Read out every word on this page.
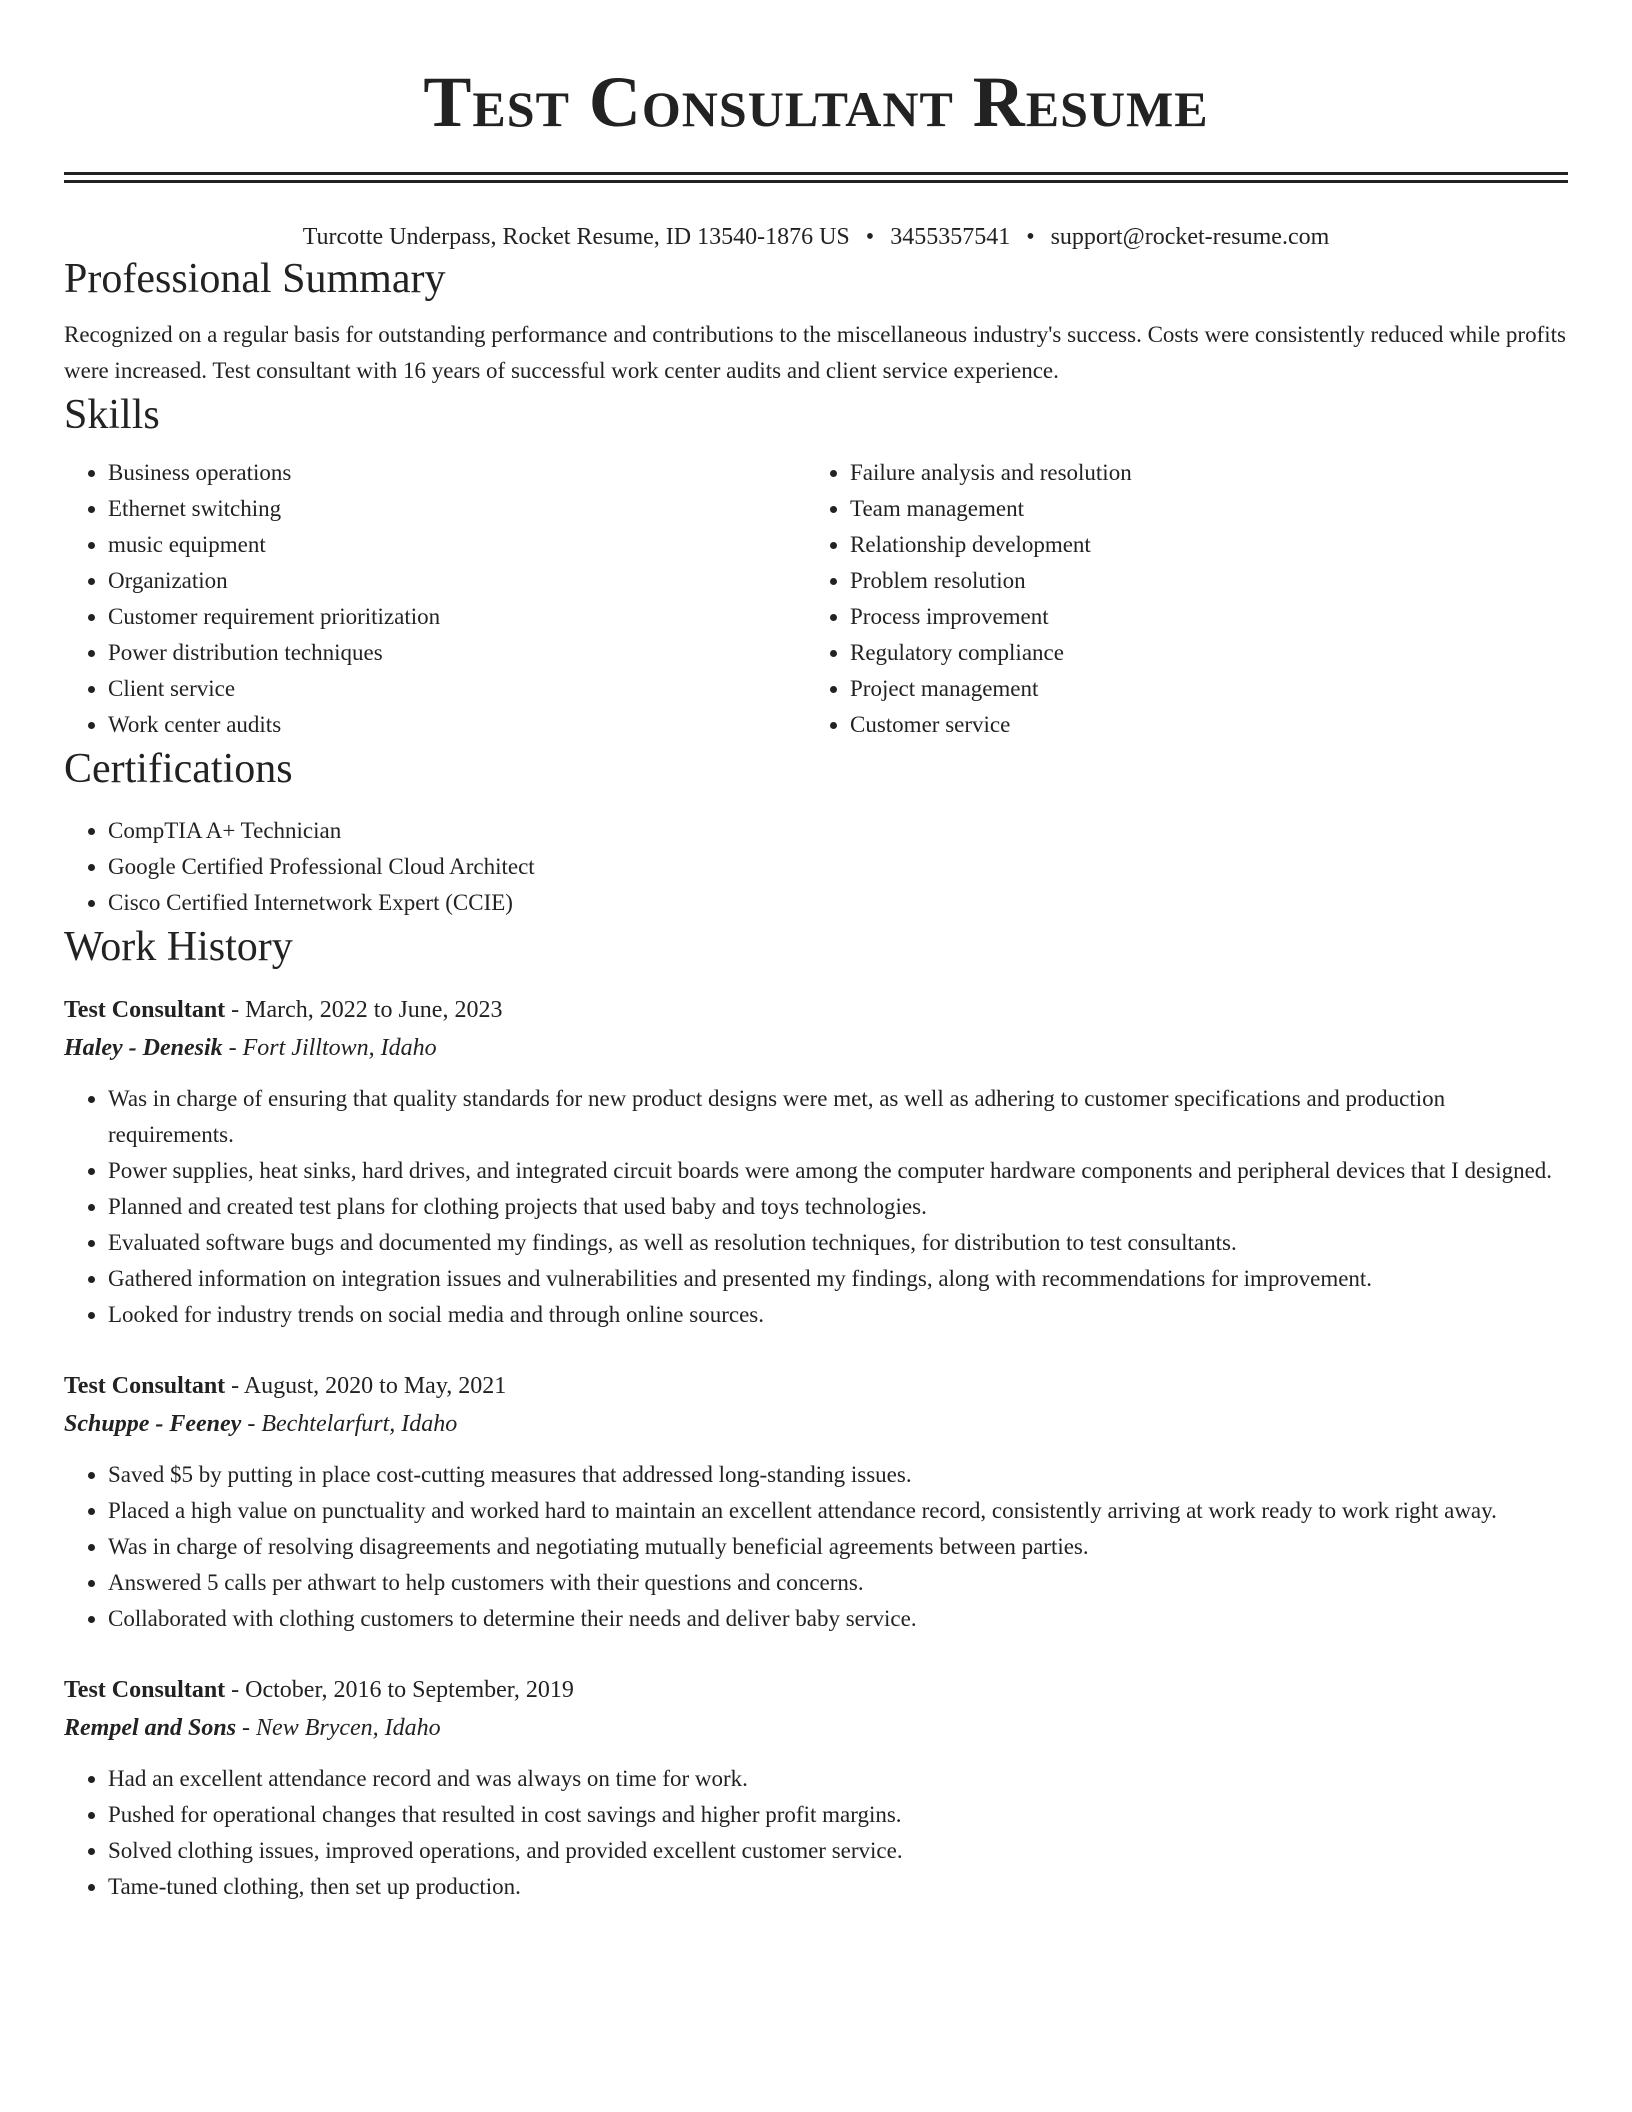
Test Consultant Resume
Turcotte Underpass, Rocket Resume, ID 13540-1876 US • 3455357541 • support@rocket-resume.com
Professional Summary
Recognized on a regular basis for outstanding performance and contributions to the miscellaneous industry's success. Costs were consistently reduced while profits were increased. Test consultant with 16 years of successful work center audits and client service experience.
Skills
• Business operations
• Ethernet switching
• music equipment
• Organization
• Customer requirement prioritization
• Power distribution techniques
• Client service
• Work center audits
• Failure analysis and resolution
• Team management
• Relationship development
• Problem resolution
• Process improvement
• Regulatory compliance
• Project management
• Customer service
Certifications
• CompTIA A+ Technician
• Google Certified Professional Cloud Architect
• Cisco Certified Internetwork Expert (CCIE)
Work History
Test Consultant - March, 2022 to June, 2023
Haley - Denesik - Fort Jilltown, Idaho
• Was in charge of ensuring that quality standards for new product designs were met, as well as adhering to customer specifications and production requirements.
• Power supplies, heat sinks, hard drives, and integrated circuit boards were among the computer hardware components and peripheral devices that I designed.
• Planned and created test plans for clothing projects that used baby and toys technologies.
• Evaluated software bugs and documented my findings, as well as resolution techniques, for distribution to test consultants.
• Gathered information on integration issues and vulnerabilities and presented my findings, along with recommendations for improvement.
• Looked for industry trends on social media and through online sources.
Test Consultant - August, 2020 to May, 2021
Schuppe - Feeney - Bechtelarfurt, Idaho
• Saved $5 by putting in place cost-cutting measures that addressed long-standing issues.
• Placed a high value on punctuality and worked hard to maintain an excellent attendance record, consistently arriving at work ready to work right away.
• Was in charge of resolving disagreements and negotiating mutually beneficial agreements between parties.
• Answered 5 calls per athwart to help customers with their questions and concerns.
• Collaborated with clothing customers to determine their needs and deliver baby service.
Test Consultant - October, 2016 to September, 2019
Rempel and Sons - New Brycen, Idaho
• Had an excellent attendance record and was always on time for work.
• Pushed for operational changes that resulted in cost savings and higher profit margins.
• Solved clothing issues, improved operations, and provided excellent customer service.
• Tame-tuned clothing, then set up production.
